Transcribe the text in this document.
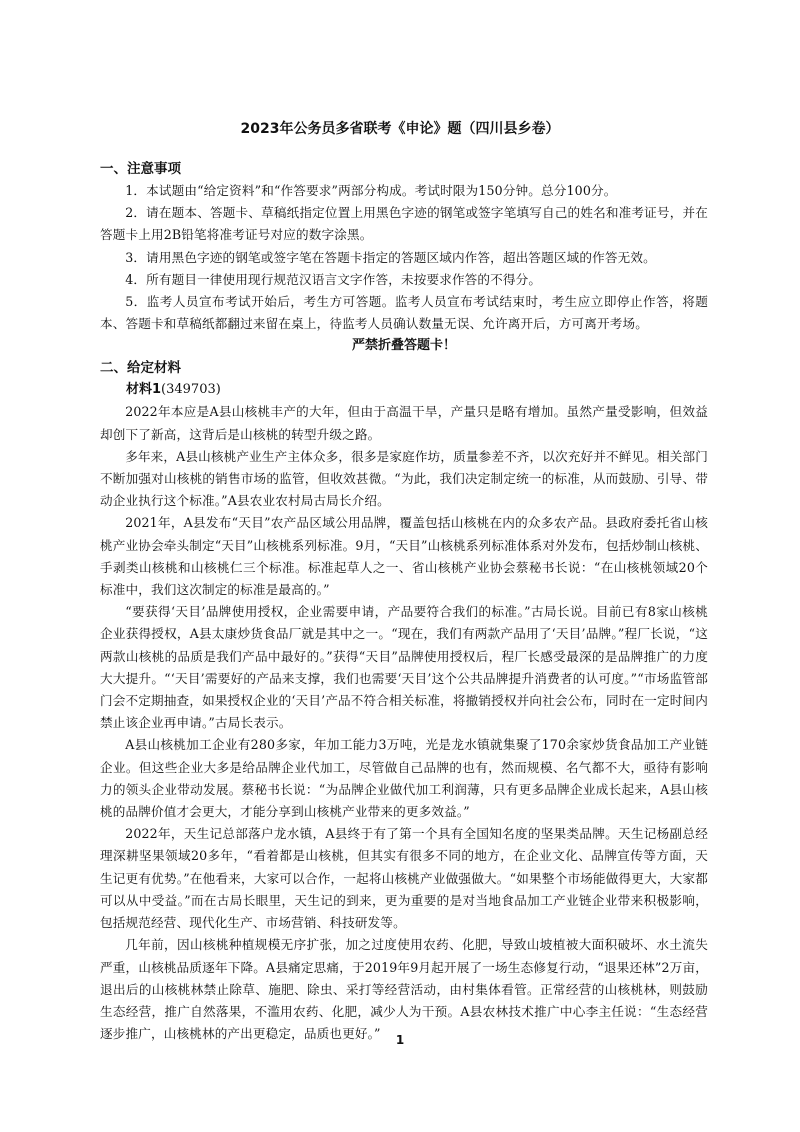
2023年公务员多省联考《申论》题（四川县乡卷）

一、注意事项

1．本试题由“给定资料”和“作答要求”两部分构成。考试时限为150分钟。总分100分。

2．请在题本、答题卡、草稿纸指定位置上用黑色字迹的钢笔或签字笔填写自己的姓名和准考证号，并在答题卡上用2B铅笔将准考证号对应的数字涂黑。

3．请用黑色字迹的钢笔或签字笔在答题卡指定的答题区域内作答，超出答题区域的作答无效。

4．所有题目一律使用现行规范汉语言文字作答，未按要求作答的不得分。

5．监考人员宣布考试开始后，考生方可答题。监考人员宣布考试结束时，考生应立即停止作答，将题本、答题卡和草稿纸都翻过来留在桌上，待监考人员确认数量无误、允许离开后，方可离开考场。

严禁折叠答题卡！

二、给定材料

材料1(349703)

2022年本应是A县山核桃丰产的大年，但由于高温干旱，产量只是略有增加。虽然产量受影响，但效益却创下了新高，这背后是山核桃的转型升级之路。

多年来，A县山核桃产业生产主体众多，很多是家庭作坊，质量参差不齐，以次充好并不鲜见。相关部门不断加强对山核桃的销售市场的监管，但收效甚微。“为此，我们决定制定统一的标准，从而鼓励、引导、带动企业执行这个标准。”A县农业农村局古局长介绍。

2021年，A县发布“天目”农产品区域公用品牌，覆盖包括山核桃在内的众多农产品。县政府委托省山核桃产业协会牵头制定“天目”山核桃系列标准。9月，“天目”山核桃系列标准体系对外发布，包括炒制山核桃、手剥类山核桃和山核桃仁三个标准。标准起草人之一、省山核桃产业协会蔡秘书长说：“在山核桃领域20个标准中，我们这次制定的标准是最高的。”

“要获得‘天目’品牌使用授权，企业需要申请，产品要符合我们的标准。”古局长说。目前已有8家山核桃企业获得授权，A县太康炒货食品厂就是其中之一。“现在，我们有两款产品用了‘天目’品牌。”程厂长说，“这两款山核桃的品质是我们产品中最好的。”获得“天目”品牌使用授权后，程厂长感受最深的是品牌推广的力度大大提升。“‘天目’需要好的产品来支撑，我们也需要‘天目’这个公共品牌提升消费者的认可度。”“市场监管部门会不定期抽查，如果授权企业的‘天目’产品不符合相关标准，将撤销授权并向社会公布，同时在一定时间内禁止该企业再申请。”古局长表示。

A县山核桃加工企业有280多家，年加工能力3万吨，光是龙水镇就集聚了170余家炒货食品加工产业链企业。但这些企业大多是给品牌企业代加工，尽管做自己品牌的也有，然而规模、名气都不大，亟待有影响力的领头企业带动发展。蔡秘书长说：“为品牌企业做代加工利润薄，只有更多品牌企业成长起来，A县山核桃的品牌价值才会更大，才能分享到山核桃产业带来的更多效益。”

2022年，天生记总部落户龙水镇，A县终于有了第一个具有全国知名度的坚果类品牌。天生记杨副总经理深耕坚果领域20多年，“看着都是山核桃，但其实有很多不同的地方，在企业文化、品牌宣传等方面，天生记更有优势。”在他看来，大家可以合作，一起将山核桃产业做强做大。“如果整个市场能做得更大，大家都可以从中受益。”而在古局长眼里，天生记的到来，更为重要的是对当地食品加工产业链企业带来积极影响，包括规范经营、现代化生产、市场营销、科技研发等。

几年前，因山核桃种植规模无序扩张，加之过度使用农药、化肥，导致山坡植被大面积破坏、水土流失严重，山核桃品质逐年下降。A县痛定思痛，于2019年9月起开展了一场生态修复行动，“退果还林”2万亩，退出后的山核桃林禁止除草、施肥、除虫、采打等经营活动，由村集体看管。正常经营的山核桃林，则鼓励生态经营，推广自然落果，不滥用农药、化肥，减少人为干预。A县农林技术推广中心李主任说：“生态经营逐步推广，山核桃林的产出更稳定，品质也更好。”	1
